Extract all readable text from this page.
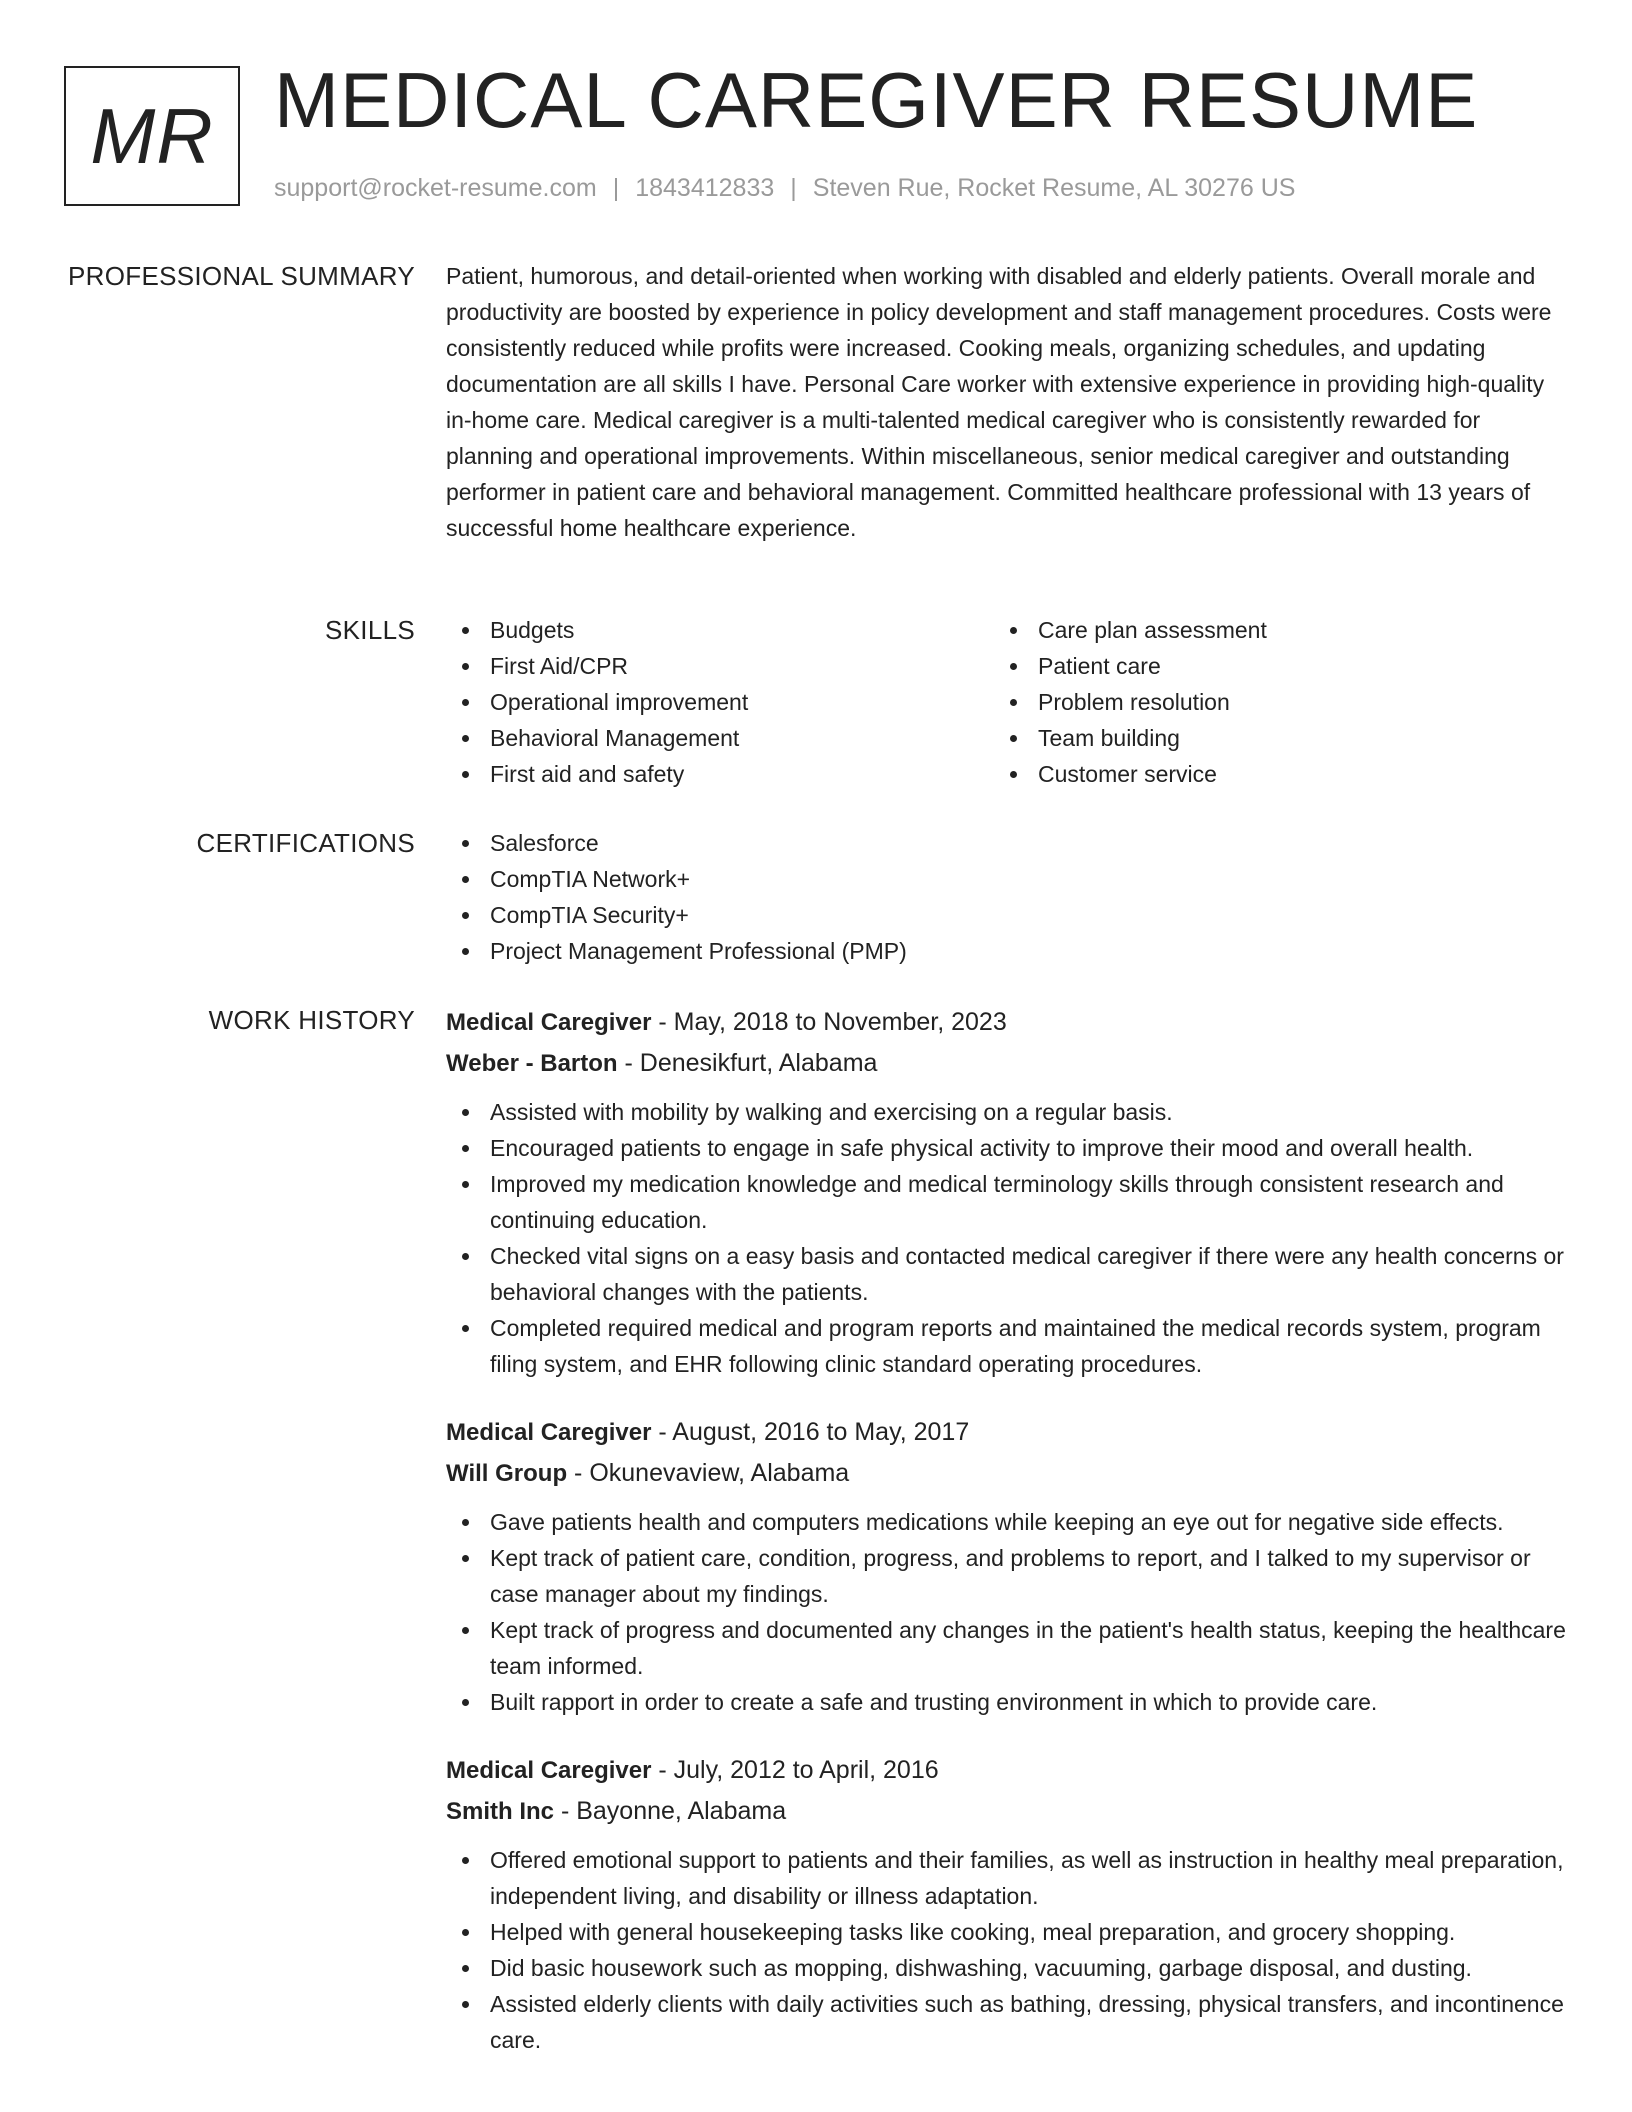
MR MEDICAL CAREGIVER RESUME
support@rocket-resume.com | 1843412833 | Steven Rue, Rocket Resume, AL 30276 US
PROFESSIONAL SUMMARY Patient, humorous, and detail-oriented when working with disabled and elderly patients. Overall morale and productivity are boosted by experience in policy development and staff management procedures. Costs were consistently reduced while profits were increased. Cooking meals, organizing schedules, and updating documentation are all skills I have. Personal Care worker with extensive experience in providing high-quality in-home care. Medical caregiver is a multi-talented medical caregiver who is consistently rewarded for planning and operational improvements. Within miscellaneous, senior medical caregiver and outstanding performer in patient care and behavioral management. Committed healthcare professional with 13 years of successful home healthcare experience.

SKILLS	Budgets
First Aid/CPR
Operational improvement
Behavioral Management
First aid and safety
Care plan assessment
Patient care
Problem resolution
Team building
Customer service
CERTIFICATIONS	Salesforce
CompTIA Network+
CompTIA Security+
Project Management Professional (PMP)
WORK HISTORY Medical Caregiver - May, 2018 to November, 2023
Weber - Barton - Denesikfurt, Alabama
Assisted with mobility by walking and exercising on a regular basis.
Encouraged patients to engage in safe physical activity to improve their mood and overall health.
Improved my medication knowledge and medical terminology skills through consistent research and continuing education.
Checked vital signs on a easy basis and contacted medical caregiver if there were any health concerns or behavioral changes with the patients.
Completed required medical and program reports and maintained the medical records system, program filing system, and EHR following clinic standard operating procedures.
Medical Caregiver - August, 2016 to May, 2017
Will Group - Okunevaview, Alabama
Gave patients health and computers medications while keeping an eye out for negative side effects.
Kept track of patient care, condition, progress, and problems to report, and I talked to my supervisor or case manager about my findings.
Kept track of progress and documented any changes in the patient's health status, keeping the healthcare team informed.
Built rapport in order to create a safe and trusting environment in which to provide care.
Medical Caregiver - July, 2012 to April, 2016
Smith Inc - Bayonne, Alabama
Offered emotional support to patients and their families, as well as instruction in healthy meal preparation, independent living, and disability or illness adaptation.
Helped with general housekeeping tasks like cooking, meal preparation, and grocery shopping.
Did basic housework such as mopping, dishwashing, vacuuming, garbage disposal, and dusting.
Assisted elderly clients with daily activities such as bathing, dressing, physical transfers, and incontinence care.
